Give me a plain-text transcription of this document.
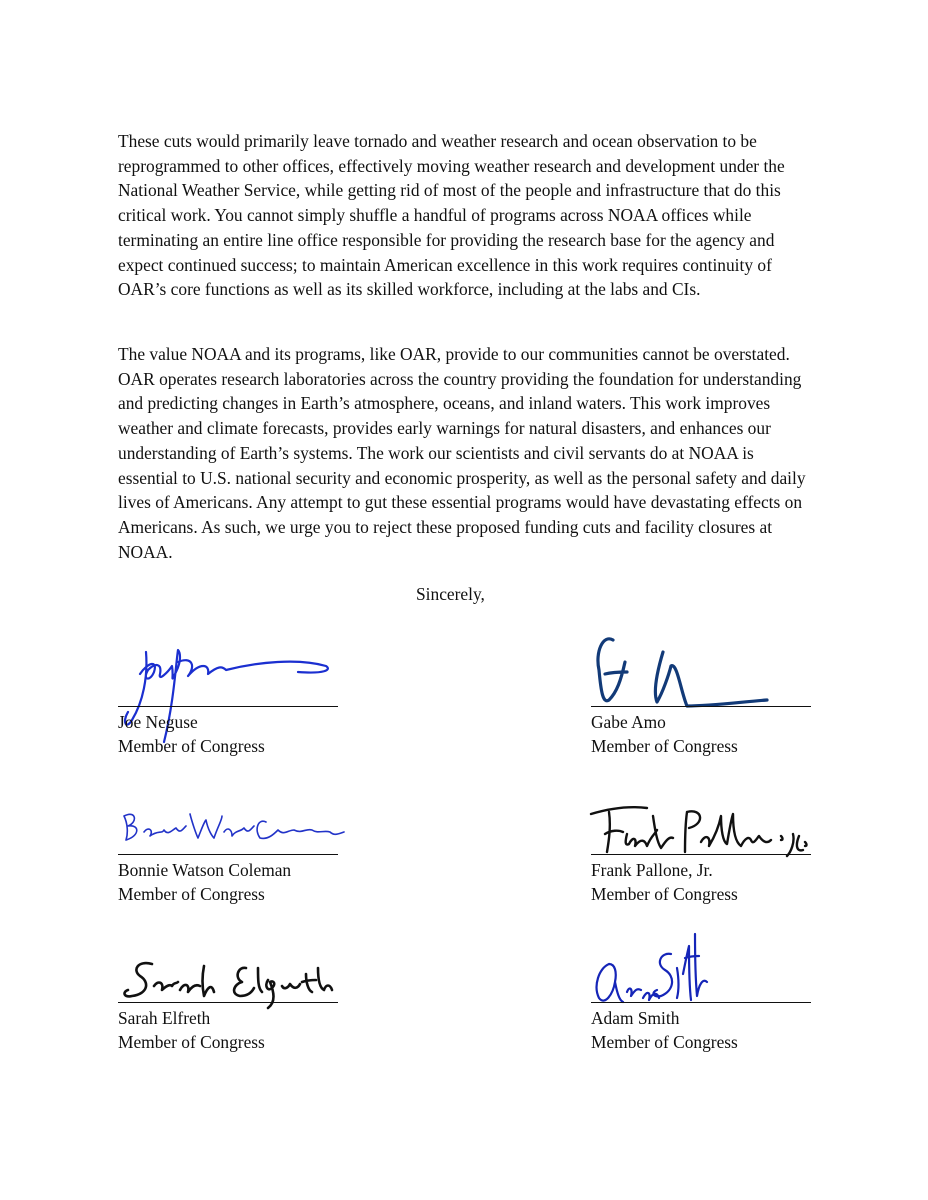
These cuts would primarily leave tornado and weather research and ocean observation to be reprogrammed to other offices, effectively moving weather research and development under the National Weather Service, while getting rid of most of the people and infrastructure that do this critical work. You cannot simply shuffle a handful of programs across NOAA offices while terminating an entire line office responsible for providing the research base for the agency and expect continued success; to maintain American excellence in this work requires continuity of OAR’s core functions as well as its skilled workforce, including at the labs and CIs.

The value NOAA and its programs, like OAR, provide to our communities cannot be overstated. OAR operates research laboratories across the country providing the foundation for understanding and predicting changes in Earth’s atmosphere, oceans, and inland waters. This work improves weather and climate forecasts, provides early warnings for natural disasters, and enhances our understanding of Earth’s systems. The work our scientists and civil servants do at NOAA is essential to U.S. national security and economic prosperity, as well as the personal safety and daily lives of Americans. Any attempt to gut these essential programs would have devastating effects on Americans. As such, we urge you to reject these proposed funding cuts and facility closures at NOAA.

Sincerely,
Joe Neguse
Member of Congress
Gabe Amo
Member of Congress
Bonnie Watson Coleman
Member of Congress
Frank Pallone, Jr.
Member of Congress
Sarah Elfreth
Member of Congress
Adam Smith
Member of Congress
